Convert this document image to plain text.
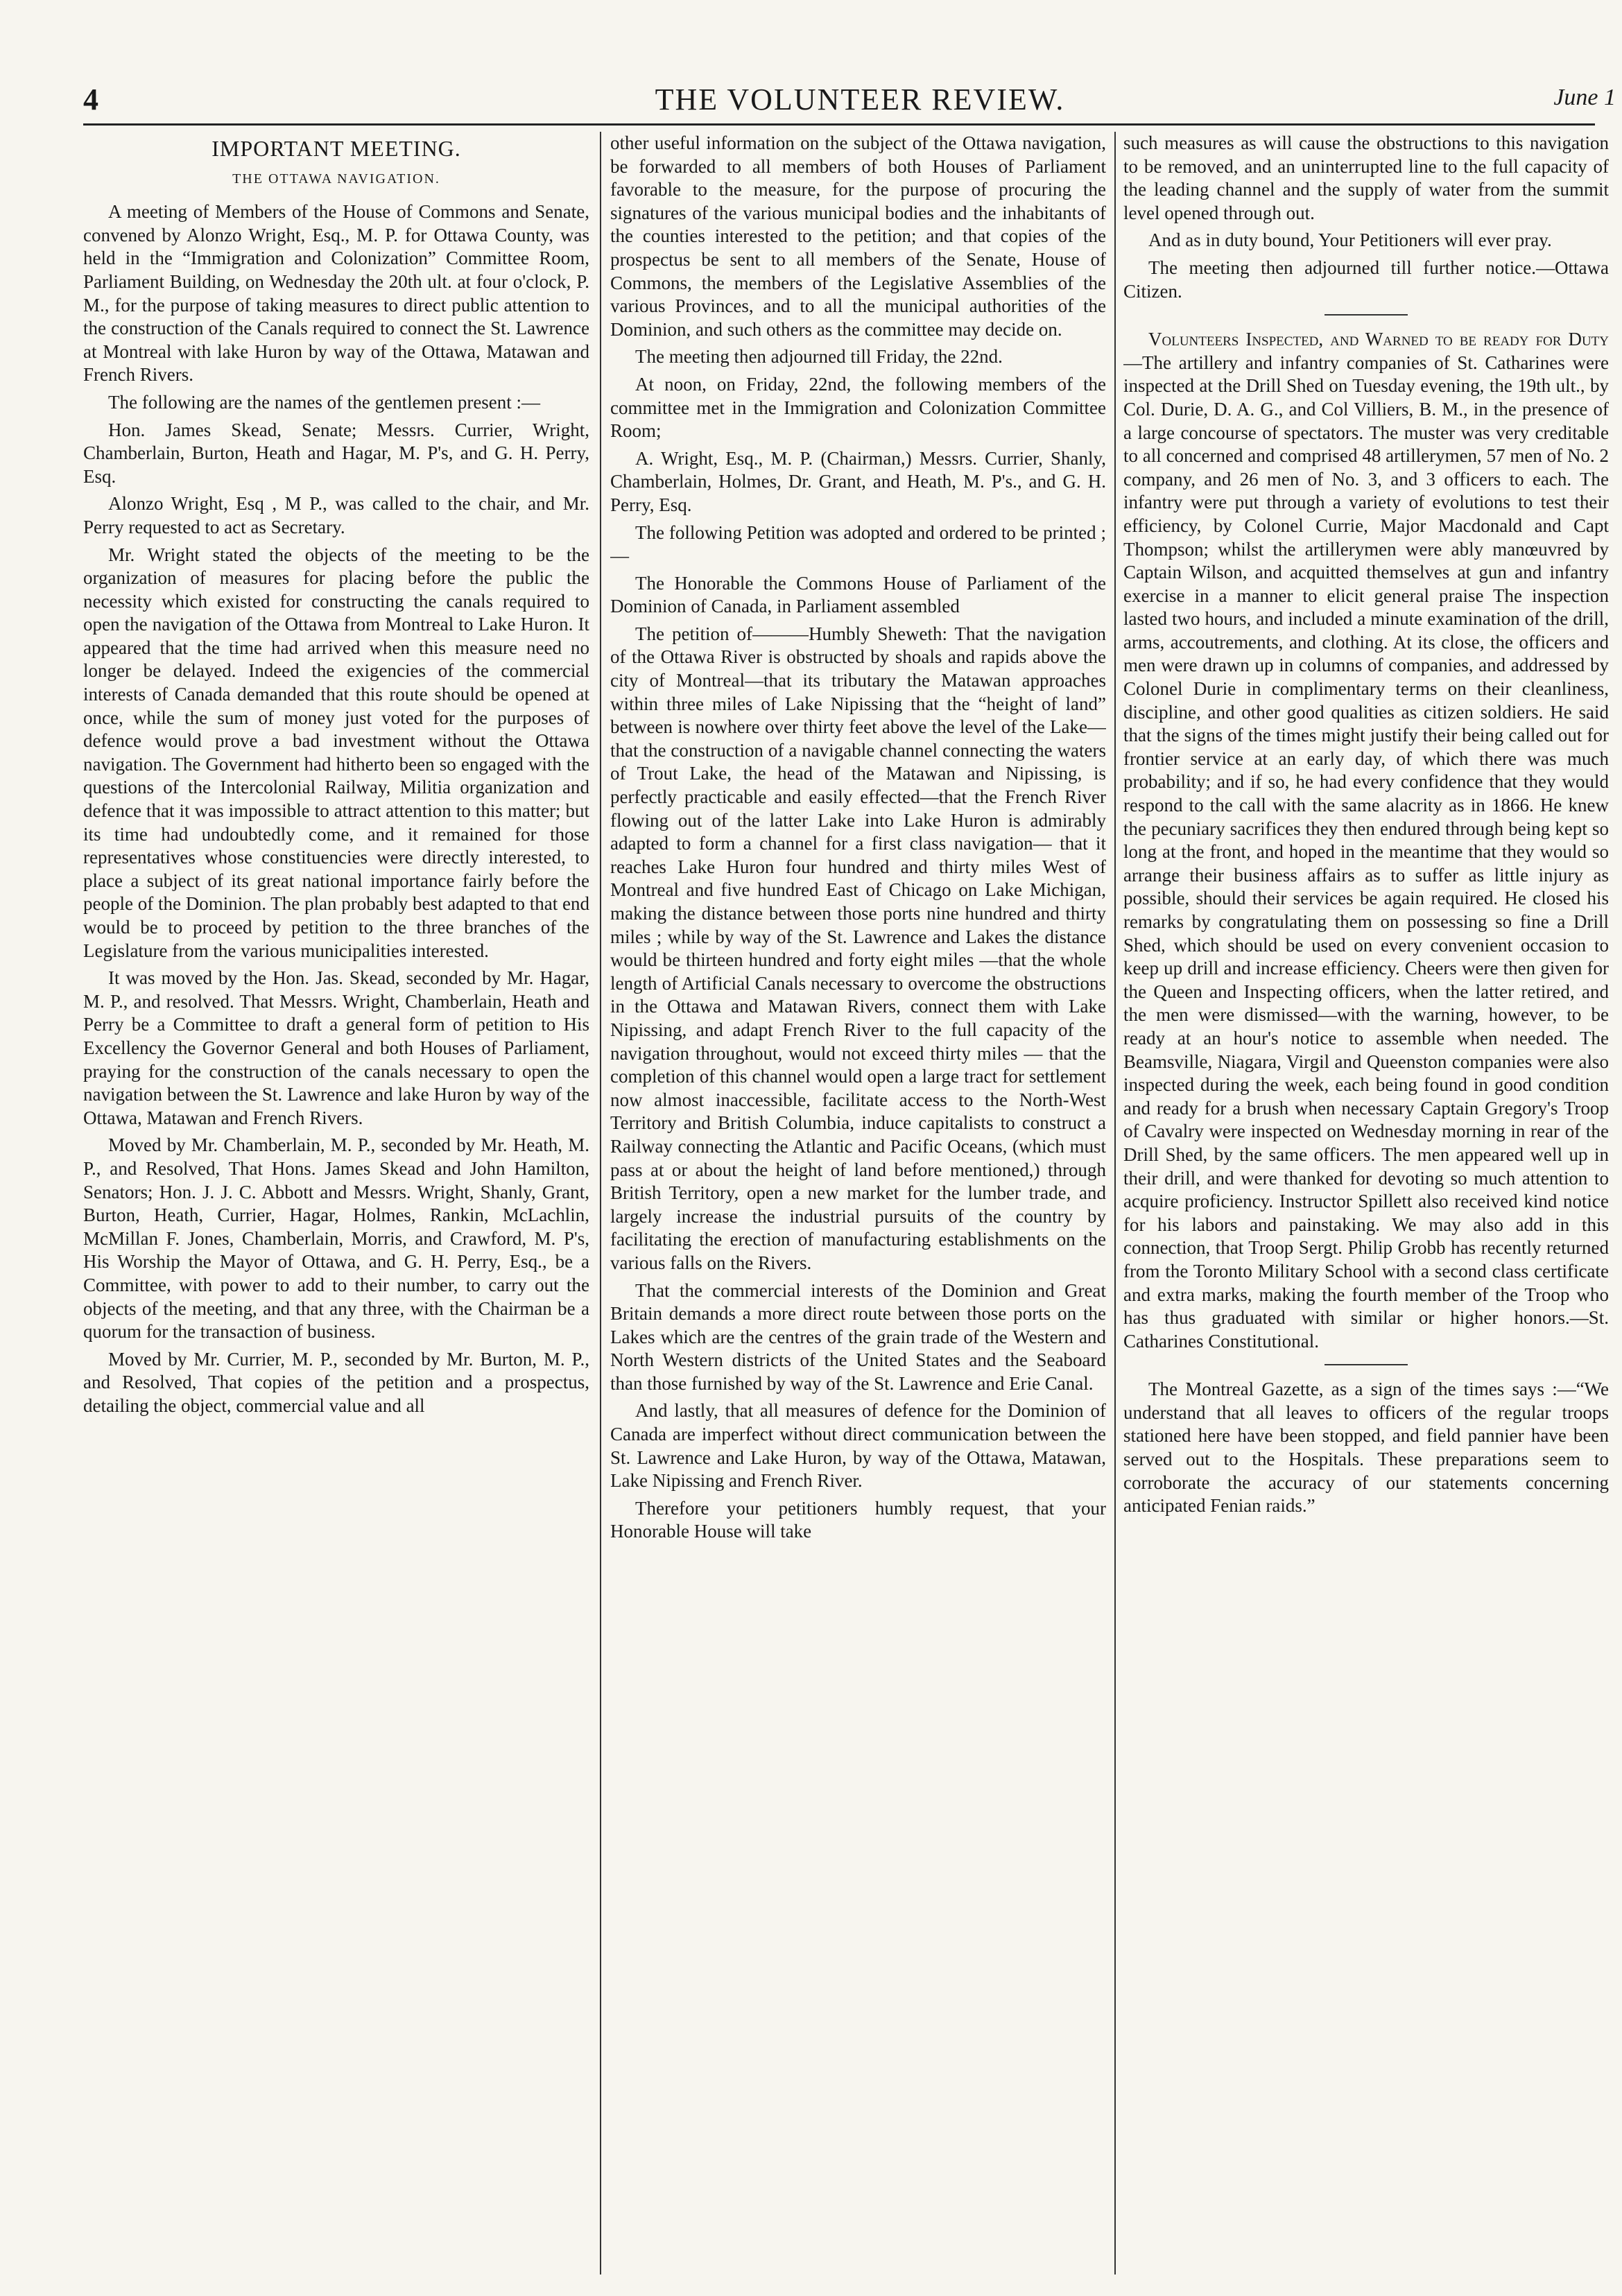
4	THE VOLUNTEER REVIEW.	June 1
IMPORTANT MEETING.
THE OTTAWA NAVIGATION.

A meeting of Members of the House of Commons and Senate, convened by Alonzo Wright, Esq., M. P. for Ottawa County, was held in the “Immigration and Colonization” Committee Room, Parliament Building, on Wednesday the 20th ult. at four o'clock, P. M., for the purpose of taking measures to direct public attention to the construction of the Canals required to connect the St. Lawrence at Montreal with lake Huron by way of the Ottawa, Matawan and French Rivers.

The following are the names of the gentlemen present :—

Hon. James Skead, Senate; Messrs. Currier, Wright, Chamberlain, Burton, Heath and Hagar, M. P's, and G. H. Perry, Esq.

Alonzo Wright, Esq , M P., was called to the chair, and Mr. Perry requested to act as Secretary.

Mr. Wright stated the objects of the meeting to be the organization of measures for placing before the public the necessity which existed for constructing the canals required to open the navigation of the Ottawa from Montreal to Lake Huron. It appeared that the time had arrived when this measure need no longer be delayed. Indeed the exigencies of the commercial interests of Canada demanded that this route should be opened at once, while the sum of money just voted for the purposes of defence would prove a bad investment without the Ottawa navigation. The Government had hitherto been so engaged with the questions of the Intercolonial Railway, Militia organization and defence that it was impossible to attract attention to this matter; but its time had undoubtedly come, and it remained for those representatives whose constituencies were directly interested, to place a subject of its great national importance fairly before the people of the Dominion. The plan probably best adapted to that end would be to proceed by petition to the three branches of the Legislature from the various municipalities interested.

It was moved by the Hon. Jas. Skead, seconded by Mr. Hagar, M. P., and resolved. That Messrs. Wright, Chamberlain, Heath and Perry be a Committee to draft a general form of petition to His Excellency the Governor General and both Houses of Parliament, praying for the construction of the canals necessary to open the navigation between the St. Lawrence and lake Huron by way of the Ottawa, Matawan and French Rivers.

Moved by Mr. Chamberlain, M. P., seconded by Mr. Heath, M. P., and Resolved, That Hons. James Skead and John Hamilton, Senators; Hon. J. J. C. Abbott and Messrs. Wright, Shanly, Grant, Burton, Heath, Currier, Hagar, Holmes, Rankin, McLachlin, McMillan F. Jones, Chamberlain, Morris, and Crawford, M. P's, His Worship the Mayor of Ottawa, and G. H. Perry, Esq., be a Committee, with power to add to their number, to carry out the objects of the meeting, and that any three, with the Chairman be a quorum for the transaction of business.

Moved by Mr. Currier, M. P., seconded by Mr. Burton, M. P., and Resolved, That copies of the petition and a prospectus, detailing the object, commercial value and all

other useful information on the subject of the Ottawa navigation, be forwarded to all members of both Houses of Parliament favorable to the measure, for the purpose of procuring the signatures of the various municipal bodies and the inhabitants of the counties interested to the petition; and that copies of the prospectus be sent to all members of the Senate, House of Commons, the members of the Legislative Assemblies of the various Provinces, and to all the municipal authorities of the Dominion, and such others as the committee may decide on.

The meeting then adjourned till Friday, the 22nd.

At noon, on Friday, 22nd, the following members of the committee met in the Immigration and Colonization Committee Room;

A. Wright, Esq., M. P. (Chairman,) Messrs. Currier, Shanly, Chamberlain, Holmes, Dr. Grant, and Heath, M. P's., and G. H. Perry, Esq.

The following Petition was adopted and ordered to be printed ;—

The Honorable the Commons House of Parliament of the Dominion of Canada, in Parliament assembled

The petition of———Humbly Sheweth: That the navigation of the Ottawa River is obstructed by shoals and rapids above the city of Montreal—that its tributary the Matawan approaches within three miles of Lake Nipissing that the “height of land” between is nowhere over thirty feet above the level of the Lake—that the construction of a navigable channel connecting the waters of Trout Lake, the head of the Matawan and Nipissing, is perfectly practicable and easily effected—that the French River flowing out of the latter Lake into Lake Huron is admirably adapted to form a channel for a first class navigation— that it reaches Lake Huron four hundred and thirty miles West of Montreal and five hundred East of Chicago on Lake Michigan, making the distance between those ports nine hundred and thirty miles ; while by way of the St. Lawrence and Lakes the distance would be thirteen hundred and forty eight miles —that the whole length of Artificial Canals necessary to overcome the obstructions in the Ottawa and Matawan Rivers, connect them with Lake Nipissing, and adapt French River to the full capacity of the navigation throughout, would not exceed thirty miles — that the completion of this channel would open a large tract for settlement now almost inaccessible, facilitate access to the North-West Territory and British Columbia, induce capitalists to construct a Railway connecting the Atlantic and Pacific Oceans, (which must pass at or about the height of land before mentioned,) through British Territory, open a new market for the lumber trade, and largely increase the industrial pursuits of the country by facilitating the erection of manufacturing establishments on the various falls on the Rivers.

That the commercial interests of the Dominion and Great Britain demands a more direct route between those ports on the Lakes which are the centres of the grain trade of the Western and North Western districts of the United States and the Seaboard than those furnished by way of the St. Lawrence and Erie Canal.

And lastly, that all measures of defence for the Dominion of Canada are imperfect without direct communication between the St. Lawrence and Lake Huron, by way of the Ottawa, Matawan, Lake Nipissing and French River.

Therefore your petitioners humbly request, that your Honorable House will take

such measures as will cause the obstructions to this navigation to be removed, and an uninterrupted line to the full capacity of the leading channel and the supply of water from the summit level opened through out.

And as in duty bound, Your Petitioners will ever pray.

The meeting then adjourned till further notice.—Ottawa Citizen.

Volunteers Inspected, and Warned to be ready for Duty—The artillery and infantry companies of St. Catharines were inspected at the Drill Shed on Tuesday evening, the 19th ult., by Col. Durie, D. A. G., and Col Villiers, B. M., in the presence of a large concourse of spectators. The muster was very creditable to all concerned and comprised 48 artillerymen, 57 men of No. 2 company, and 26 men of No. 3, and 3 officers to each. The infantry were put through a variety of evolutions to test their efficiency, by Colonel Currie, Major Macdonald and Capt Thompson; whilst the artillerymen were ably manœuvred by Captain Wilson, and acquitted themselves at gun and infantry exercise in a manner to elicit general praise The inspection lasted two hours, and included a minute examination of the drill, arms, accoutrements, and clothing. At its close, the officers and men were drawn up in columns of companies, and addressed by Colonel Durie in complimentary terms on their cleanliness, discipline, and other good qualities as citizen soldiers. He said that the signs of the times might justify their being called out for frontier service at an early day, of which there was much probability; and if so, he had every confidence that they would respond to the call with the same alacrity as in 1866. He knew the pecuniary sacrifices they then endured through being kept so long at the front, and hoped in the meantime that they would so arrange their business affairs as to suffer as little injury as possible, should their services be again required. He closed his remarks by congratulating them on possessing so fine a Drill Shed, which should be used on every convenient occasion to keep up drill and increase efficiency. Cheers were then given for the Queen and Inspecting officers, when the latter retired, and the men were dismissed—with the warning, however, to be ready at an hour's notice to assemble when needed. The Beamsville, Niagara, Virgil and Queenston companies were also inspected during the week, each being found in good condition and ready for a brush when necessary Captain Gregory's Troop of Cavalry were inspected on Wednesday morning in rear of the Drill Shed, by the same officers. The men appeared well up in their drill, and were thanked for devoting so much attention to acquire proficiency. Instructor Spillett also received kind notice for his labors and painstaking. We may also add in this connection, that Troop Sergt. Philip Grobb has recently returned from the Toronto Military School with a second class certificate and extra marks, making the fourth member of the Troop who has thus graduated with similar or higher honors.—St. Catharines Constitutional.

The Montreal Gazette, as a sign of the times says :—“We understand that all leaves to officers of the regular troops stationed here have been stopped, and field pannier have been served out to the Hospitals. These preparations seem to corroborate the accuracy of our statements concerning anticipated Fenian raids.”
